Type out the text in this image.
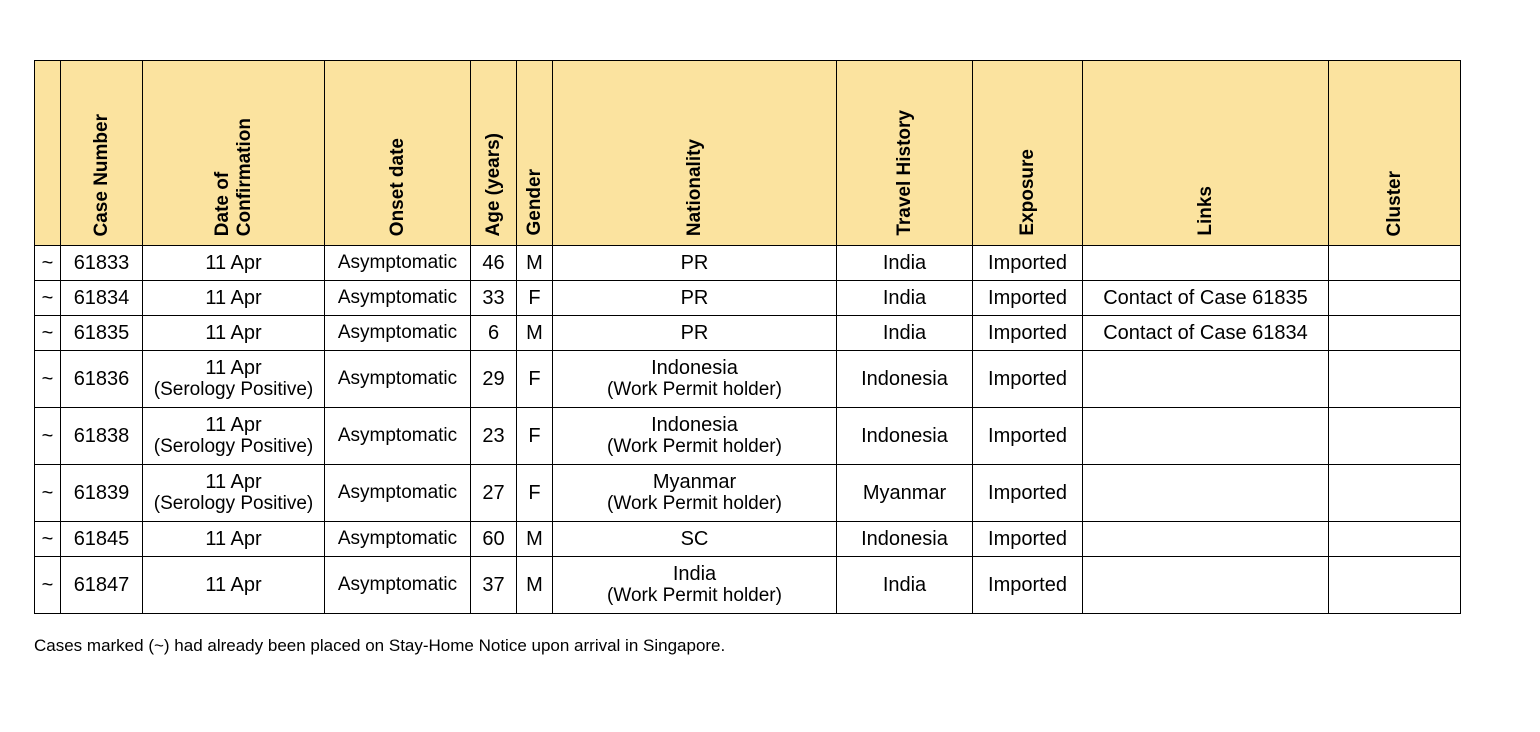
	Case Number	Date of
Confirmation	Onset date	Age (years)	Gender	Nationality	Travel History	Exposure	Links	Cluster

~	61833	11 Apr	Asymptomatic	46	M	PR	India	Imported		

~	61834	11 Apr	Asymptomatic	33	F	PR	India	Imported	Contact of Case 61835	

~	61835	11 Apr	Asymptomatic	6	M	PR	India	Imported	Contact of Case 61834	

~	61836	11 Apr
(Serology Positive)	Asymptomatic	29	F	Indonesia
(Work Permit holder)	Indonesia	Imported		

~	61838	11 Apr
(Serology Positive)	Asymptomatic	23	F	Indonesia
(Work Permit holder)	Indonesia	Imported		

~	61839	11 Apr
(Serology Positive)	Asymptomatic	27	F	Myanmar
(Work Permit holder)	Myanmar	Imported		

~	61845	11 Apr	Asymptomatic	60	M	SC	Indonesia	Imported		

~	61847	11 Apr	Asymptomatic	37	M	India
(Work Permit holder)	India	Imported		

Cases marked (~) had already been placed on Stay-Home Notice upon arrival in Singapore.
